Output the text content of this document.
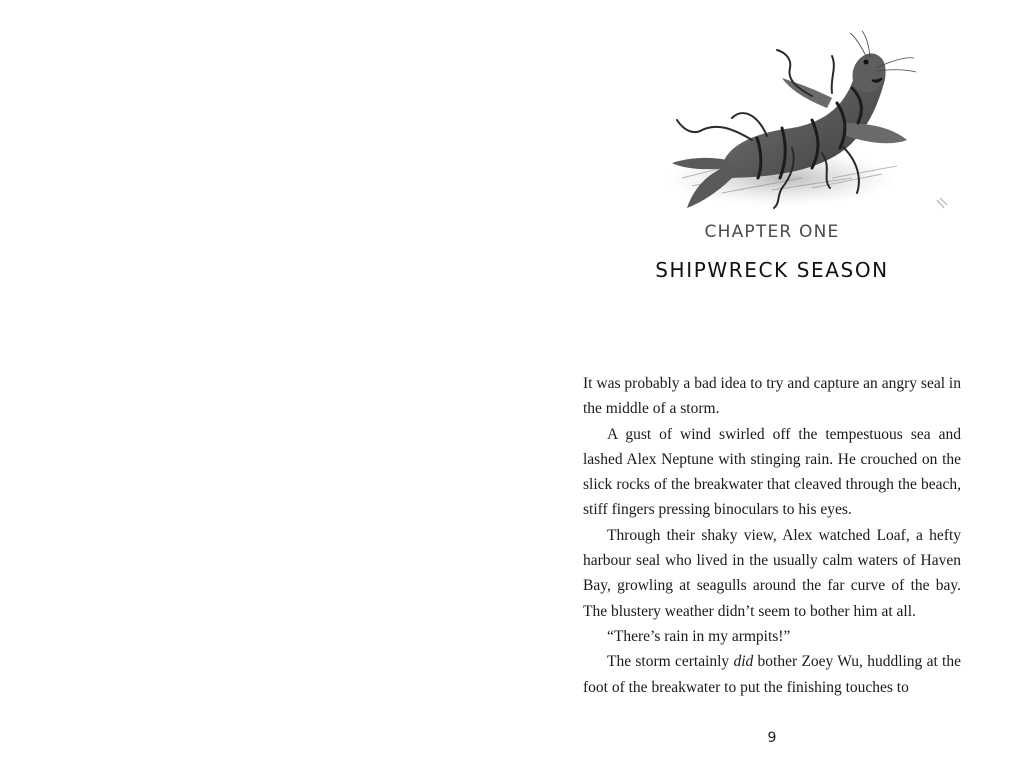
CHAPTER ONE
SHIPWRECK SEASON

It was probably a bad idea to try and capture an angry seal in the middle of a storm.

A gust of wind swirled off the tempestuous sea and lashed Alex Neptune with stinging rain. He crouched on the slick rocks of the breakwater that cleaved through the beach, stiff fingers pressing binoculars to his eyes.

Through their shaky view, Alex watched Loaf, a hefty harbour seal who lived in the usually calm waters of Haven Bay, growling at seagulls around the far curve of the bay. The blustery weather didn’t seem to bother him at all.

“There’s rain in my armpits!”

The storm certainly did bother Zoey Wu, huddling at the foot of the breakwater to put the finishing touches to

9
